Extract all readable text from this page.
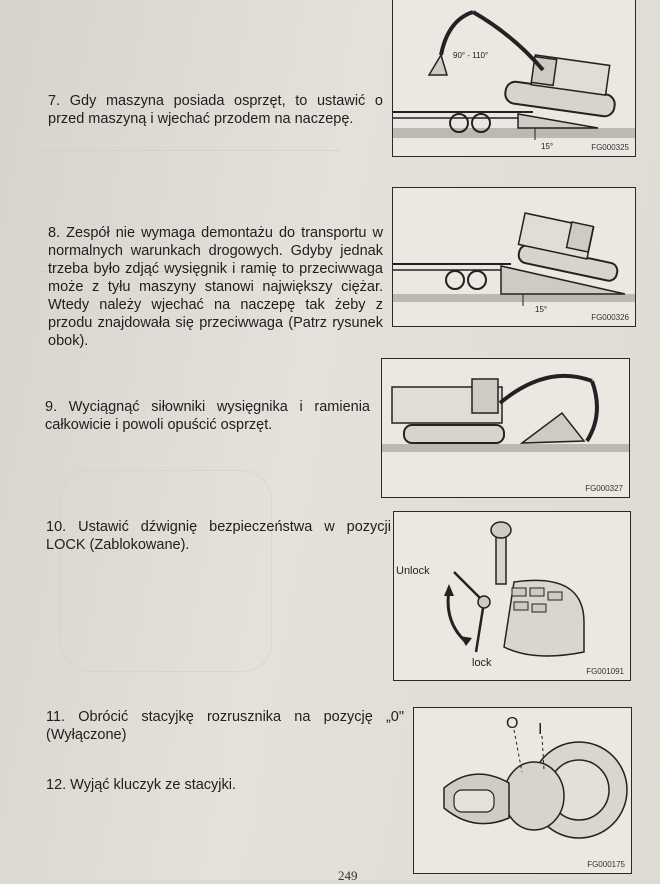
7. Gdy maszyna posiada osprzęt, to ustawić o przed maszyną i wjechać przodem na naczepę.
90° - 110°
15°	FG000325
8. Zespół nie wymaga demontażu do transportu w normalnych warunkach drogowych. Gdyby jednak trzeba było zdjąć wysięgnik i ramię to przeciwwaga może z tyłu maszyny stanowi największy ciężar. Wtedy należy wjechać na naczepę tak żeby z przodu znajdowała się przeciwwaga (Patrz rysunek obok).
15°
FG000326
9. Wyciągnąć siłowniki wysięgnika i ramienia całkowicie i powoli opuścić osprzęt.
FG000327
10. Ustawić dźwignię bezpieczeństwa w pozycji LOCK (Zablokowane).
Unlock
lock
FG001091
11. Obrócić stacyjkę rozrusznika na pozycję „0" (Wyłączone)
12. Wyjąć kluczyk ze stacyjki.
O I
FG000175
249
